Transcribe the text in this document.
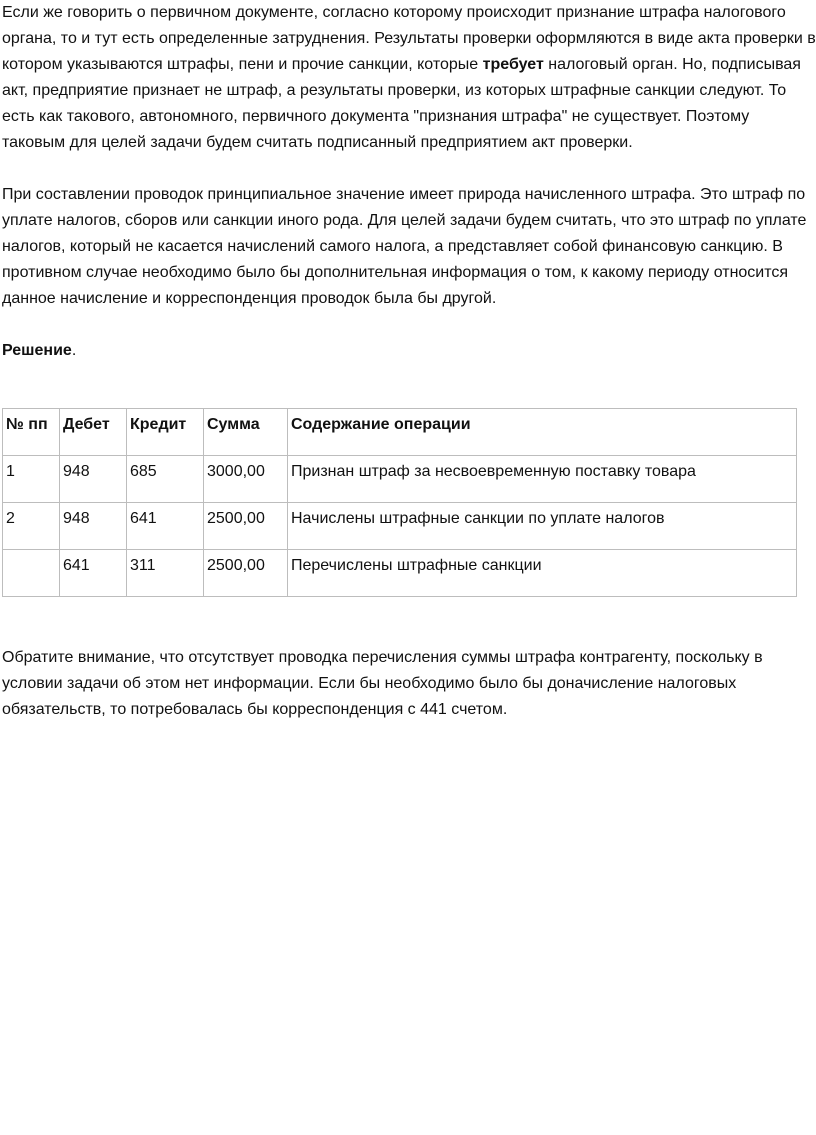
Если же говорить о первичном документе, согласно которому происходит признание штрафа налогового органа, то и тут есть определенные затруднения. Результаты проверки оформляются в виде акта проверки в котором указываются штрафы, пени и прочие санкции, которые требует налоговый орган. Но, подписывая акт, предприятие признает не штраф, а результаты проверки, из которых штрафные санкции следуют. То есть как такового, автономного, первичного документа "признания штрафа" не существует. Поэтому таковым для целей задачи будем считать подписанный предприятием акт проверки.

При составлении проводок принципиальное значение имеет природа начисленного штрафа. Это штраф по уплате налогов, сборов или санкции иного рода. Для целей задачи будем считать, что это штраф по уплате налогов, который не касается начислений самого налога, а представляет собой финансовую санкцию. В противном случае необходимо было бы дополнительная информация о том, к какому периоду относится данное начисление и корреспонденция проводок была бы другой.

Решение.

№ пп	Дебет	Кредит	Сумма	Содержание операции
1	948	685	3000,00	Признан штраф за несвоевременную поставку товара
2	948	641	2500,00	Начислены штрафные санкции по уплате налогов
	641	311	2500,00	Перечислены штрафные санкции

Обратите внимание, что отсутствует проводка перечисления суммы штрафа контрагенту, поскольку в условии задачи об этом нет информации. Если бы необходимо было бы доначисление налоговых обязательств, то потребовалась бы корреспонденция с 441 счетом.
